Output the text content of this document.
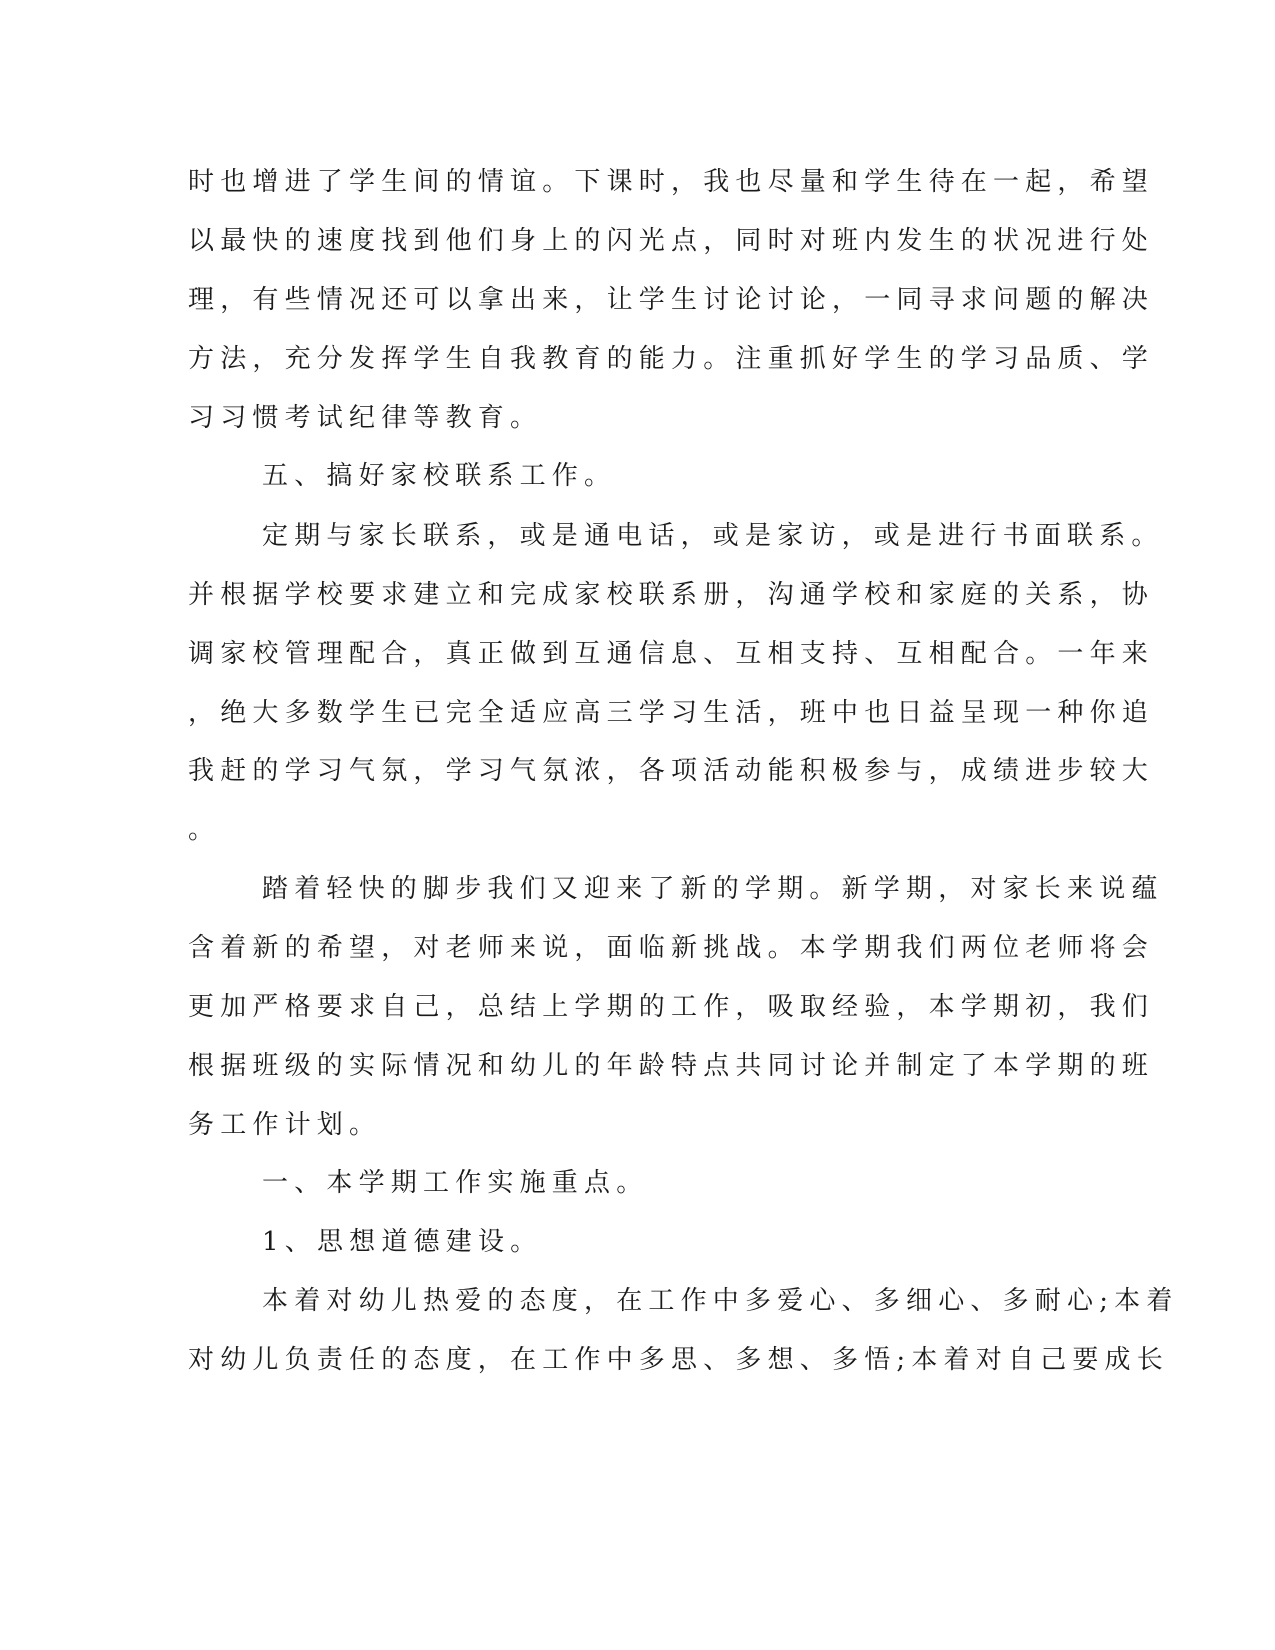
时也增进了学生间的情谊。下课时，我也尽量和学生待在一起，希望
以最快的速度找到他们身上的闪光点，同时对班内发生的状况进行处
理，有些情况还可以拿出来，让学生讨论讨论，一同寻求问题的解决
方法，充分发挥学生自我教育的能力。注重抓好学生的学习品质、学
习习惯考试纪律等教育。
五、搞好家校联系工作。
定期与家长联系，或是通电话，或是家访，或是进行书面联系。
并根据学校要求建立和完成家校联系册，沟通学校和家庭的关系，协
调家校管理配合，真正做到互通信息、互相支持、互相配合。一年来
，绝大多数学生已完全适应高三学习生活，班中也日益呈现一种你追
我赶的学习气氛，学习气氛浓，各项活动能积极参与，成绩进步较大
。
踏着轻快的脚步我们又迎来了新的学期。新学期，对家长来说蕴
含着新的希望，对老师来说，面临新挑战。本学期我们两位老师将会
更加严格要求自己，总结上学期的工作，吸取经验，本学期初，我们
根据班级的实际情况和幼儿的年龄特点共同讨论并制定了本学期的班
务工作计划。
一、本学期工作实施重点。
1、思想道德建设。
本着对幼儿热爱的态度，在工作中多爱心、多细心、多耐心;本着
对幼儿负责任的态度，在工作中多思、多想、多悟;本着对自己要成长
